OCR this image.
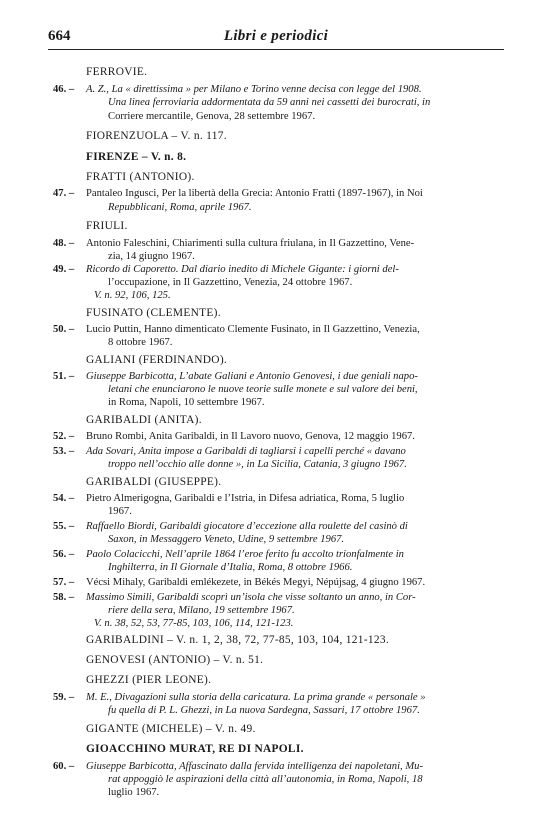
664	Libri e periodici
FERROVIE.
46. – A. Z., La « direttissima » per Milano e Torino venne decisa con legge del 1908.
Una linea ferroviaria addormentata da 59 anni nei cassetti dei burocrati, in
Corriere mercantile, Genova, 28 settembre 1967.
FIORENZUOLA – V. n. 117.
FIRENZE – V. n. 8.
FRATTI (ANTONIO).
47. – Pantaleo Ingusci, Per la libertà della Grecia: Antonio Fratti (1897-1967), in Noi
Repubblicani, Roma, aprile 1967.
FRIULI.
48. – Antonio Faleschini, Chiarimenti sulla cultura friulana, in Il Gazzettino, Vene-
zia, 14 giugno 1967.
49. – Ricordo di Caporetto. Dal diario inedito di Michele Gigante: i giorni del-
l’occupazione, in Il Gazzettino, Venezia, 24 ottobre 1967.
V. n. 92, 106, 125.
FUSINATO (CLEMENTE).
50. – Lucio Puttin, Hanno dimenticato Clemente Fusinato, in Il Gazzettino, Venezia,
8 ottobre 1967.
GALIANI (FERDINANDO).
51. – Giuseppe Barbicotta, L’abate Galiani e Antonio Genovesi, i due geniali napo-
letani che enunciarono le nuove teorie sulle monete e sul valore dei beni,
in Roma, Napoli, 10 settembre 1967.
GARIBALDI (ANITA).
52. – Bruno Rombi, Anita Garibaldi, in Il Lavoro nuovo, Genova, 12 maggio 1967.
53. – Ada Sovari, Anita impose a Garibaldi di tagliarsi i capelli perché « davano
troppo nell’occhio alle donne », in La Sicilia, Catania, 3 giugno 1967.
GARIBALDI (GIUSEPPE).
54. – Pietro Almerigogna, Garibaldi e l’Istria, in Difesa adriatica, Roma, 5 luglio
1967.
55. – Raffaello Biordi, Garibaldi giocatore d’eccezione alla roulette del casinò di
Saxon, in Messaggero Veneto, Udine, 9 settembre 1967.
56. – Paolo Colacicchi, Nell’aprile 1864 l’eroe ferito fu accolto trionfalmente in
Inghilterra, in Il Giornale d’Italia, Roma, 8 ottobre 1966.
57. – Vécsi Mihaly, Garibaldi emlékezete, in Békés Megyi, Népújsag, 4 giugno 1967.
58. – Massimo Simili, Garibaldi scoprì un’isola che visse soltanto un anno, in Cor-
riere della sera, Milano, 19 settembre 1967.
V. n. 38, 52, 53, 77-85, 103, 106, 114, 121-123.
GARIBALDINI – V. n. 1, 2, 38, 72, 77-85, 103, 104, 121-123.
GENOVESI (ANTONIO) – V. n. 51.
GHEZZI (PIER LEONE).
59. – M. E., Divagazioni sulla storia della caricatura. La prima grande « personale »
fu quella di P. L. Ghezzi, in La nuova Sardegna, Sassari, 17 ottobre 1967.
GIGANTE (MICHELE) – V. n. 49.
GIOACCHINO MURAT, RE DI NAPOLI.
60. – Giuseppe Barbicotta, Affascinato dalla fervida intelligenza dei napoletani, Mu-
rat appoggiò le aspirazioni della città all’autonomia, in Roma, Napoli, 18
luglio 1967.
